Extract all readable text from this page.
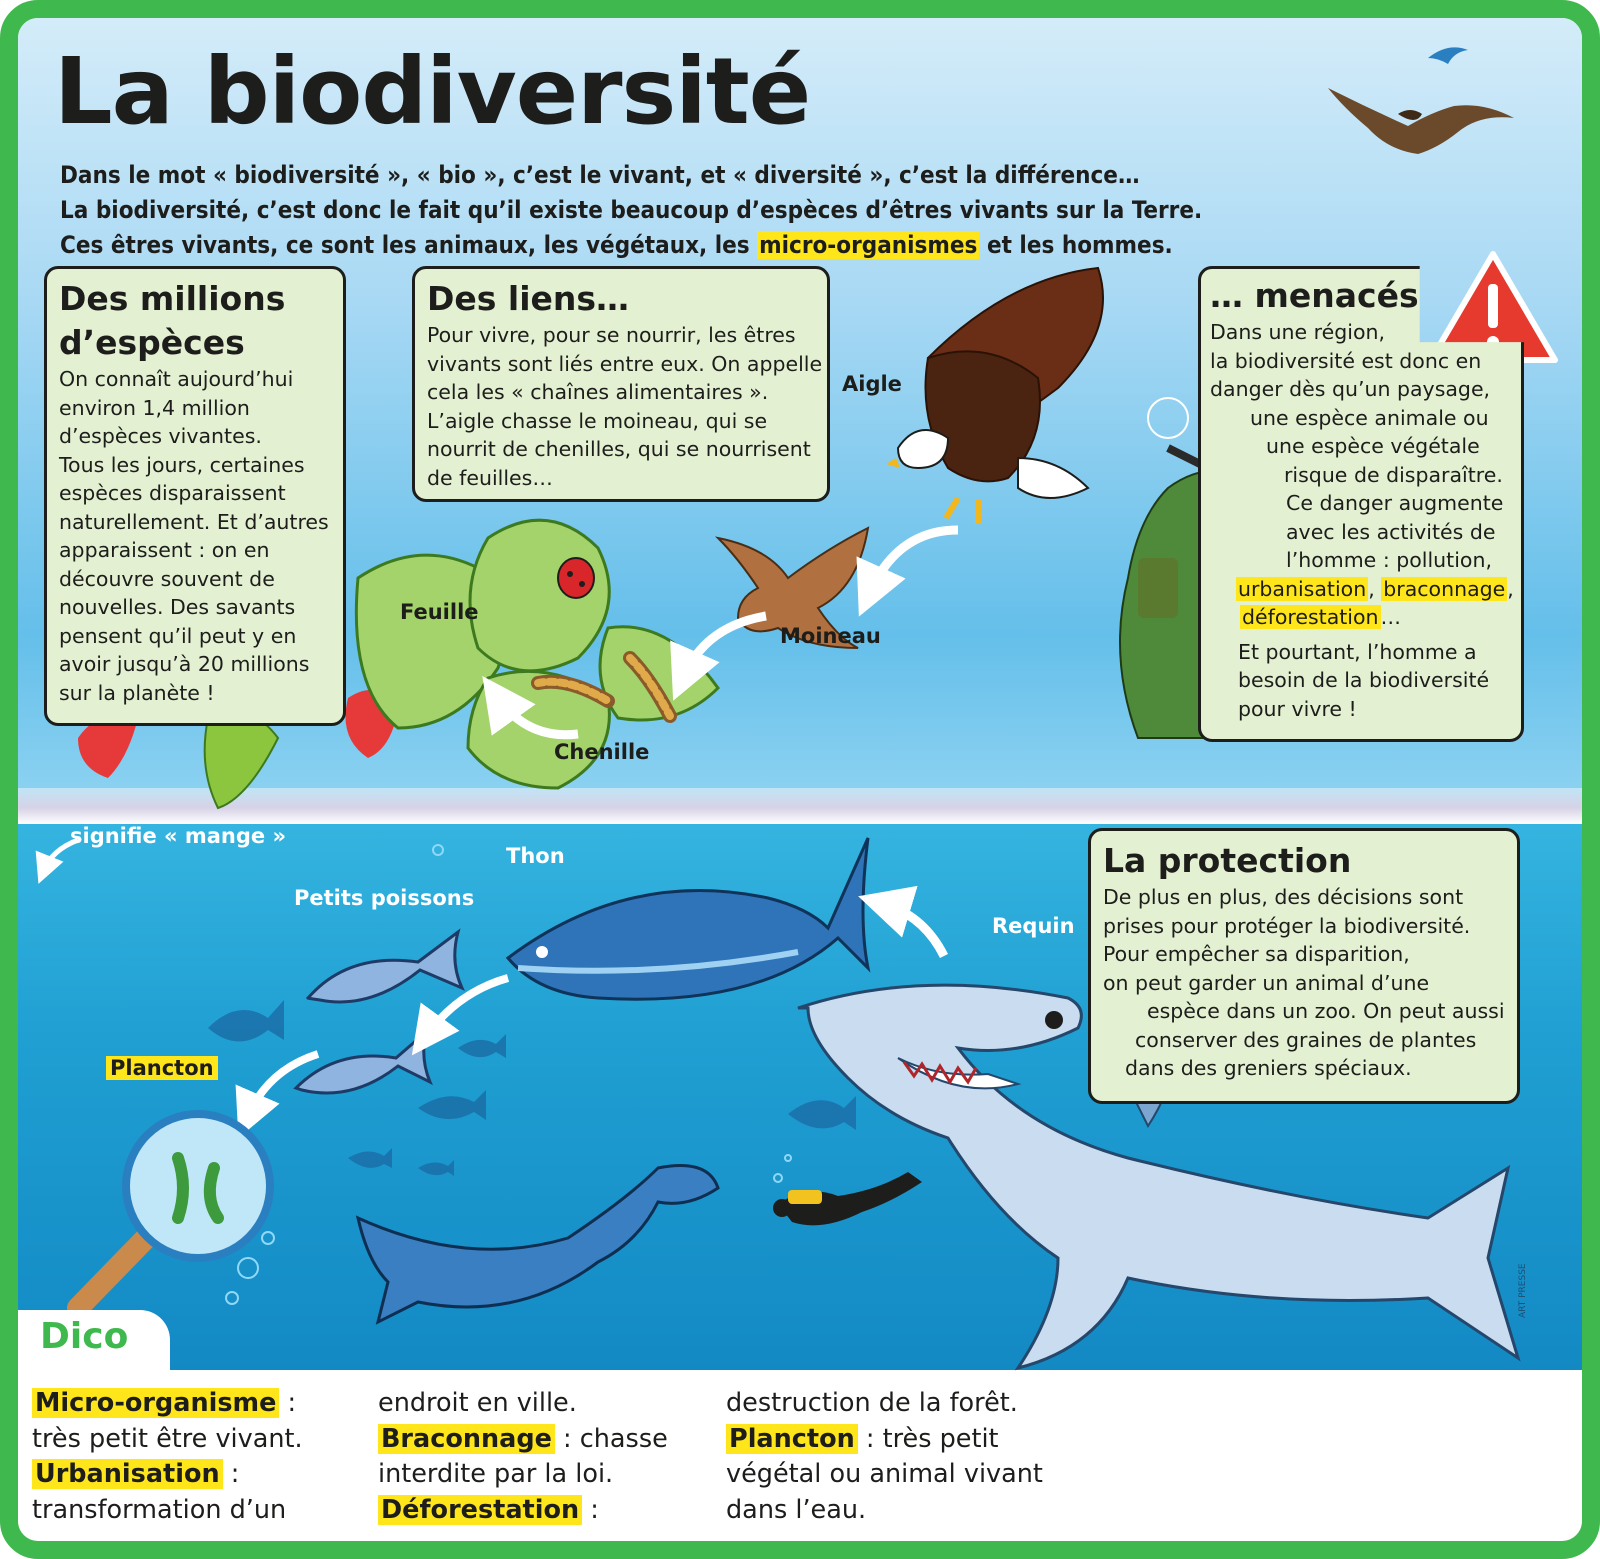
La biodiversité

Dans le mot « biodiversité », « bio », c’est le vivant, et « diversité », c’est la différence…

La biodiversité, c’est donc le fait qu’il existe beaucoup d’espèces d’êtres vivants sur la Terre.

Ces êtres vivants, ce sont les animaux, les végétaux, les micro-organismes et les hommes.

Des millions
d’espèces

On connaît aujourd’hui

environ 1,4 million

d’espèces vivantes.

Tous les jours, certaines

espèces disparaissent

naturellement. Et d’autres

apparaissent : on en

découvre souvent de

nouvelles. Des savants

pensent qu’il peut y en

avoir jusqu’à 20 millions

sur la planète !

Des liens…

Pour vivre, pour se nourrir, les êtres

vivants sont liés entre eux. On appelle

cela les « chaînes alimentaires ».

L’aigle chasse le moineau, qui se

nourrit de chenilles, qui se nourrisent

de feuilles…

… menacés

Dans une région,

la biodiversité est donc en

danger dès qu’un paysage,

une espèce animale ou

une espèce végétale

risque de disparaître.

Ce danger augmente

avec les activités de

l’homme : pollution,

urbanisation, braconnage,

déforestation…

Et pourtant, l’homme a

besoin de la biodiversité

pour vivre !

La protection

De plus en plus, des décisions sont

prises pour protéger la biodiversité.

Pour empêcher sa disparition,

on peut garder un animal d’une

espèce dans un zoo. On peut aussi

conserver des graines de plantes

dans des greniers spéciaux.

Aigle
Moineau
Feuille
Chenille
signifie « mange »
Thon
Petits poissons
Requin
Plancton
Dico

Micro-organisme :

très petit être vivant.

Urbanisation :

transformation d’un

endroit en ville.

Braconnage : chasse

interdite par la loi.

Déforestation :

destruction de la forêt.

Plancton : très petit

végétal ou animal vivant

dans l’eau.

ART PRESSE
